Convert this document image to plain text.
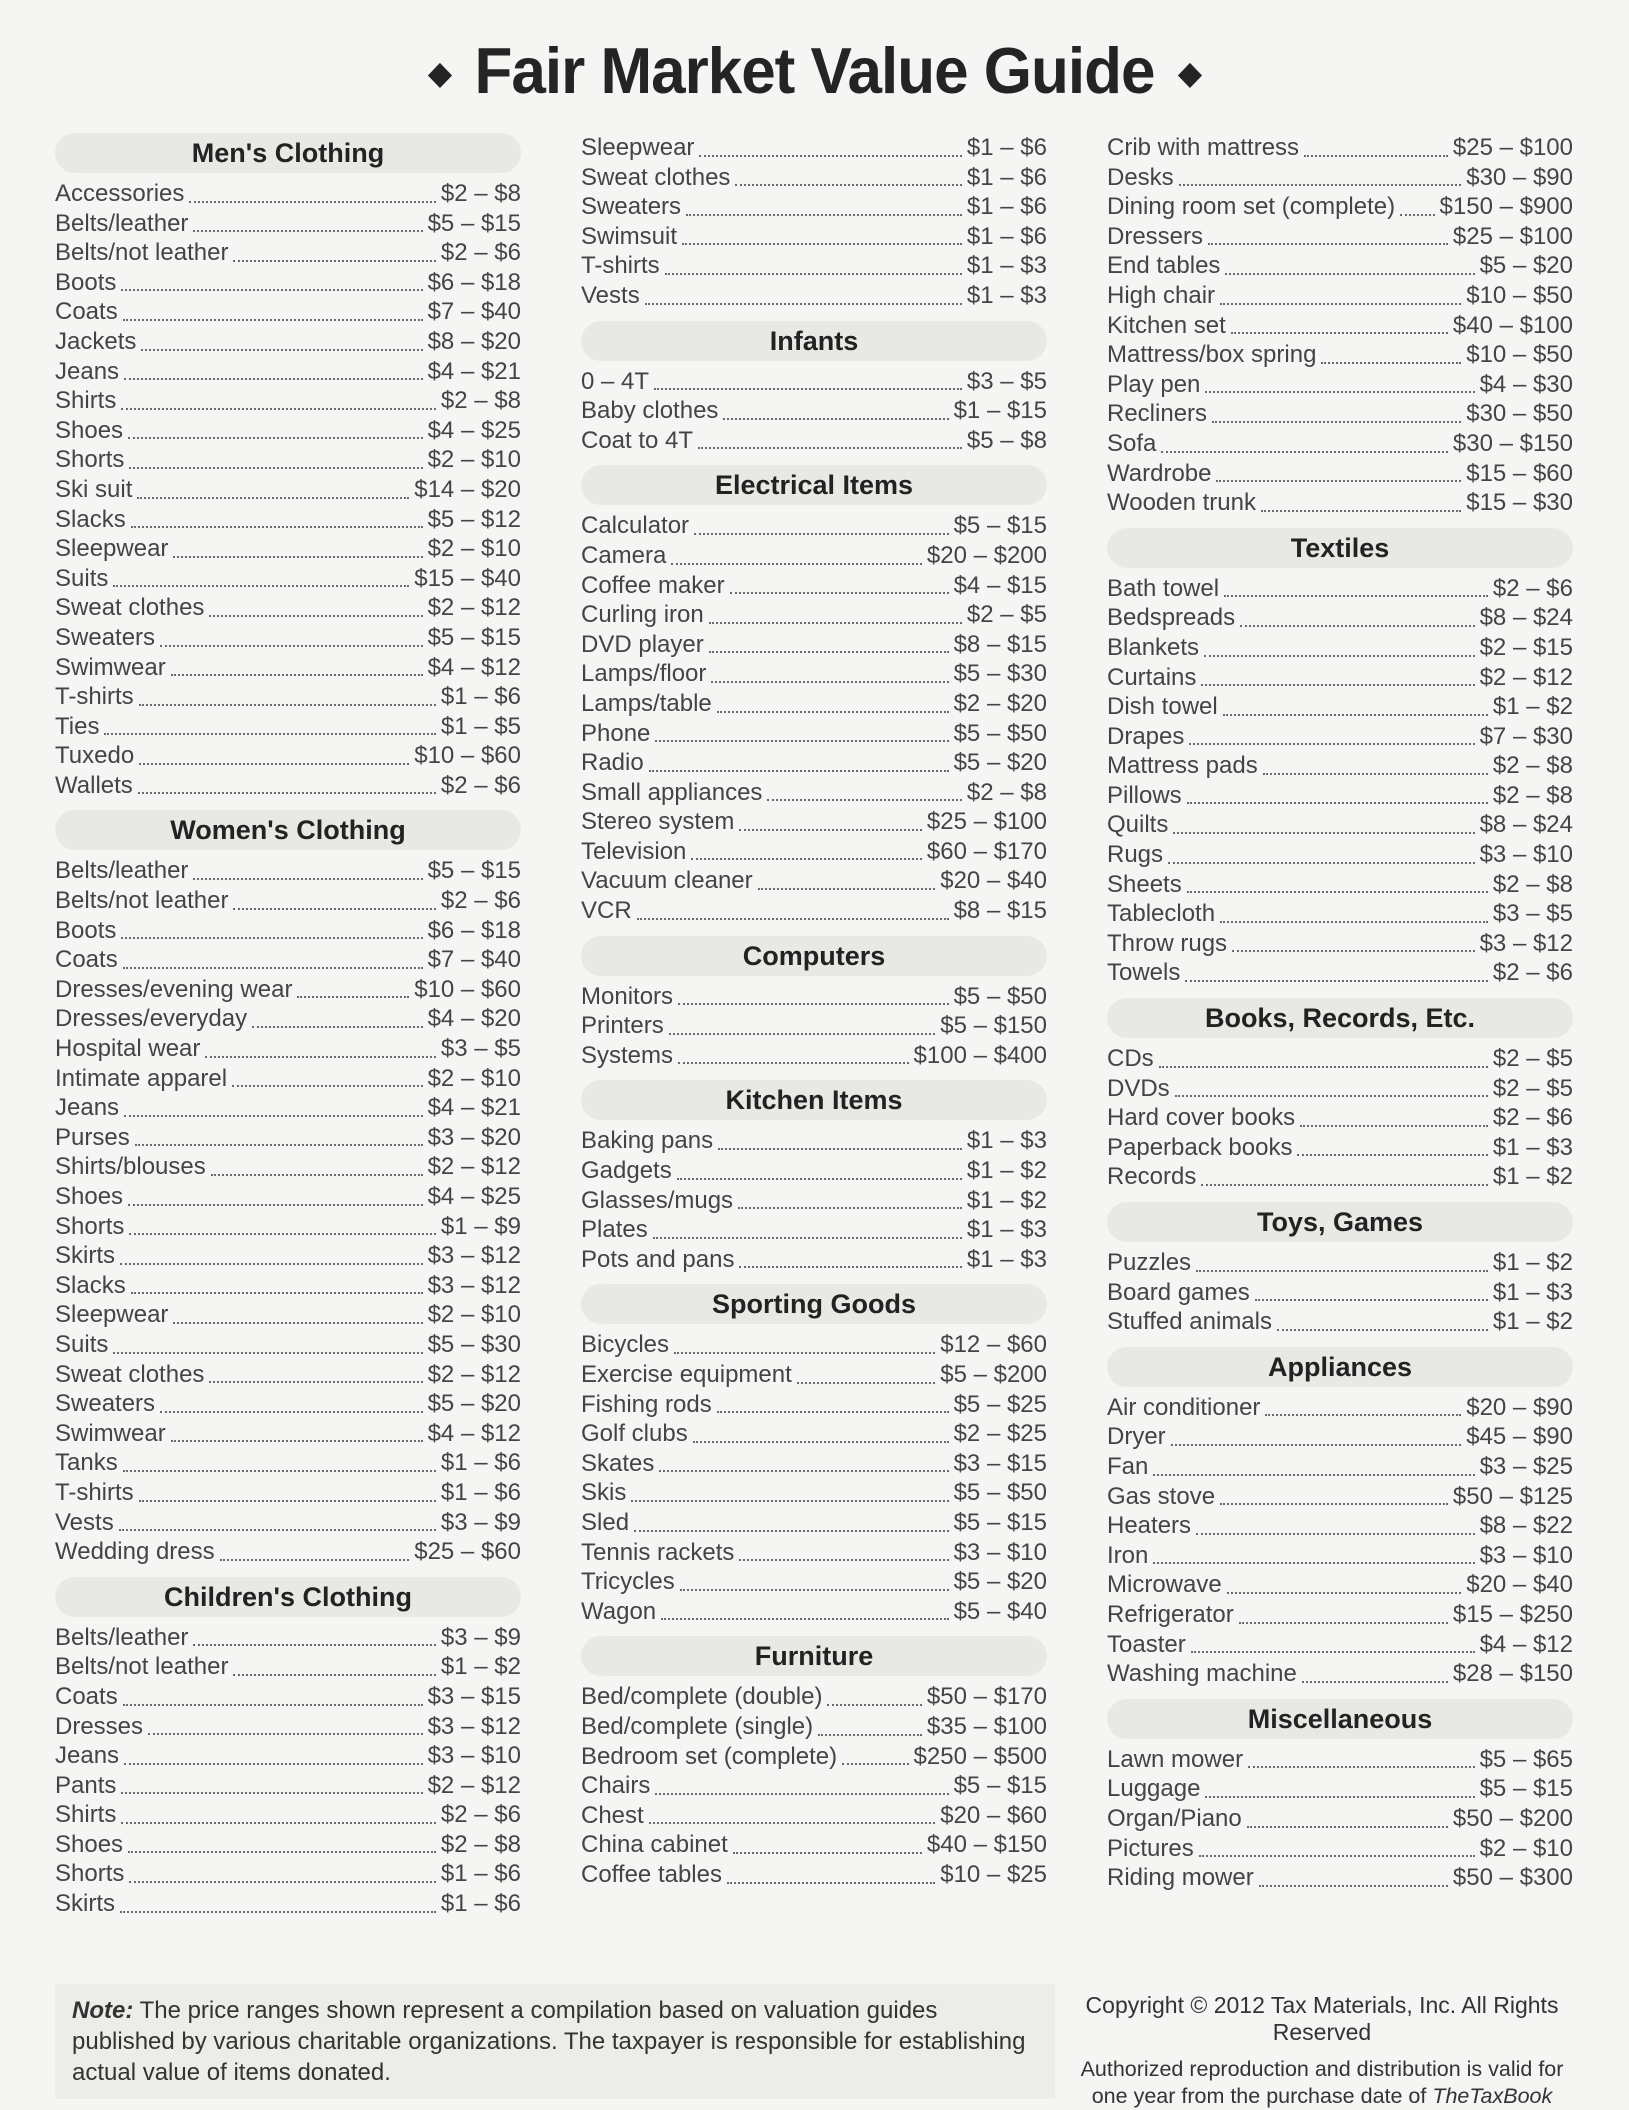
◆ Fair Market Value Guide ◆
Men's Clothing
Accessories	$2 – $8
Belts/leather	$5 – $15
Belts/not leather	$2 – $6
Boots	$6 – $18
Coats	$7 – $40
Jackets	$8 – $20
Jeans	$4 – $21
Shirts	$2 – $8
Shoes	$4 – $25
Shorts	$2 – $10
Ski suit	$14 – $20
Slacks	$5 – $12
Sleepwear	$2 – $10
Suits	$15 – $40
Sweat clothes	$2 – $12
Sweaters	$5 – $15
Swimwear	$4 – $12
T-shirts	$1 – $6
Ties	$1 – $5
Tuxedo	$10 – $60
Wallets	$2 – $6
Women's Clothing
Belts/leather	$5 – $15
Belts/not leather	$2 – $6
Boots	$6 – $18
Coats	$7 – $40
Dresses/evening wear	$10 – $60
Dresses/everyday	$4 – $20
Hospital wear	$3 – $5
Intimate apparel	$2 – $10
Jeans	$4 – $21
Purses	$3 – $20
Shirts/blouses	$2 – $12
Shoes	$4 – $25
Shorts	$1 – $9
Skirts	$3 – $12
Slacks	$3 – $12
Sleepwear	$2 – $10
Suits	$5 – $30
Sweat clothes	$2 – $12
Sweaters	$5 – $20
Swimwear	$4 – $12
Tanks	$1 – $6
T-shirts	$1 – $6
Vests	$3 – $9
Wedding dress	$25 – $60
Children's Clothing
Belts/leather	$3 – $9
Belts/not leather	$1 – $2
Coats	$3 – $15
Dresses	$3 – $12
Jeans	$3 – $10
Pants	$2 – $12
Shirts	$2 – $6
Shoes	$2 – $8
Shorts	$1 – $6
Skirts	$1 – $6
Sleepwear	$1 – $6
Sweat clothes	$1 – $6
Sweaters	$1 – $6
Swimsuit	$1 – $6
T-shirts	$1 – $3
Vests	$1 – $3
Infants
0 – 4T	$3 – $5
Baby clothes	$1 – $15
Coat to 4T	$5 – $8
Electrical Items
Calculator	$5 – $15
Camera	$20 – $200
Coffee maker	$4 – $15
Curling iron	$2 – $5
DVD player	$8 – $15
Lamps/floor	$5 – $30
Lamps/table	$2 – $20
Phone	$5 – $50
Radio	$5 – $20
Small appliances	$2 – $8
Stereo system	$25 – $100
Television	$60 – $170
Vacuum cleaner	$20 – $40
VCR	$8 – $15
Computers
Monitors	$5 – $50
Printers	$5 – $150
Systems	$100 – $400
Kitchen Items
Baking pans	$1 – $3
Gadgets	$1 – $2
Glasses/mugs	$1 – $2
Plates	$1 – $3
Pots and pans	$1 – $3
Sporting Goods
Bicycles	$12 – $60
Exercise equipment	$5 – $200
Fishing rods	$5 – $25
Golf clubs	$2 – $25
Skates	$3 – $15
Skis	$5 – $50
Sled	$5 – $15
Tennis rackets	$3 – $10
Tricycles	$5 – $20
Wagon	$5 – $40
Furniture
Bed/complete (double)	$50 – $170
Bed/complete (single)	$35 – $100
Bedroom set (complete)	$250 – $500
Chairs	$5 – $15
Chest	$20 – $60
China cabinet	$40 – $150
Coffee tables	$10 – $25
Crib with mattress	$25 – $100
Desks	$30 – $90
Dining room set (complete) $150 – $900
Dressers	$25 – $100
End tables	$5 – $20
High chair	$10 – $50
Kitchen set	$40 – $100
Mattress/box spring	$10 – $50
Play pen	$4 – $30
Recliners	$30 – $50
Sofa	$30 – $150
Wardrobe	$15 – $60
Wooden trunk	$15 – $30
Textiles
Bath towel	$2 – $6
Bedspreads	$8 – $24
Blankets	$2 – $15
Curtains	$2 – $12
Dish towel	$1 – $2
Drapes	$7 – $30
Mattress pads	$2 – $8
Pillows	$2 – $8
Quilts	$8 – $24
Rugs	$3 – $10
Sheets	$2 – $8
Tablecloth	$3 – $5
Throw rugs	$3 – $12
Towels	$2 – $6
Books, Records, Etc.
CDs	$2 – $5
DVDs	$2 – $5
Hard cover books	$2 – $6
Paperback books	$1 – $3
Records	$1 – $2
Toys, Games
Puzzles	$1 – $2
Board games	$1 – $3
Stuffed animals	$1 – $2
Appliances
Air conditioner	$20 – $90
Dryer	$45 – $90
Fan	$3 – $25
Gas stove	$50 – $125
Heaters	$8 – $22
Iron	$3 – $10
Microwave	$20 – $40
Refrigerator	$15 – $250
Toaster	$4 – $12
Washing machine	$28 – $150
Miscellaneous
Lawn mower	$5 – $65
Luggage	$5 – $15
Organ/Piano	$50 – $200
Pictures	$2 – $10
Riding mower	$50 – $300
Note: The price ranges shown represent a compilation based on valuation guides published by various charitable organizations. The taxpayer is responsible for establishing actual value of items donated.
Copyright © 2012 Tax Materials, Inc. All Rights Reserved
Authorized reproduction and distribution is valid for
one year from the purchase date of TheTaxBook
